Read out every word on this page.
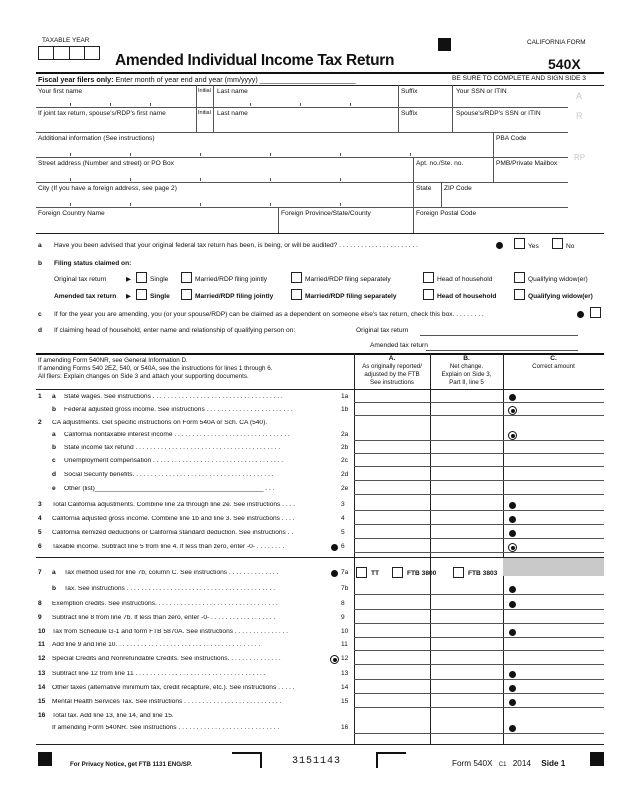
TAXABLE YEAR
Amended Individual Income Tax Return
CALIFORNIA FORM
540X
Fiscal year filers only: Enter month of year end and year (mm/yyyy) ________________________	BE SURE TO COMPLETE AND SIGN SIDE 3
Your first name	Initial Last name	Suffix	Your SSN or ITIN	A
If joint tax return, spouse's/RDP's first name	Initial Last name	Suffix	Spouse's/RDP's SSN or ITIN	R
Additional information (See instructions)	PBA Code
Street address (Number and street) or PO Box	Apt. no./Ste. no.	PMB/Private Mailbox
RP
City (If you have a foreign address, see page 2)	State ZIP Code
Foreign Country Name	Foreign Province/State/County	Foreign Postal Code
a Have you been advised that your original federal tax return has been, is being, or will be audited? . . . . . . . . . . . . . . . . . . . . . .	Yes	No
b Filing status claimed on:
Original tax return	▶	Single	Married/RDP filing jointly	Married/RDP filing separately	Head of household	Qualifying widow(er)
Amended tax return ▶	Single	Married/RDP filing jointly	Married/RDP filing separately	Head of household	Qualifying widow(er)
c If for the year you are amending, you (or your spouse/RDP) can be claimed as a dependent on someone else's tax return, check this box. . . . . . . . .
d If claiming head of household, enter name and relationship of qualifying person on:	Original tax return
Amended tax return
If amending Form 540NR, see General Information D.
If amending Forms 540 2EZ, 540, or 540A, see the instructions for lines 1 through 6.
All filers: Explain changes on Side 3 and attach your supporting documents.
A.
As originally reported/
adjusted by the FTB
See instructions
B.
Net change.
Explain on Side 3,
Part II, line 5
C.
Correct amount
1 a State wages. See instructions . . . . . . . . . . . . . . . . . . . . . . . . . . . . . . . . . . . .	1a
b Federal adjusted gross income. See instructions . . . . . . . . . . . . . . . . . . . . . . . .	1b
2 CA adjustments. Get specific instructions on Form 540A or Sch. CA (540).
a California nontaxable interest income . . . . . . . . . . . . . . . . . . . . . . . . . . . . . . . .	2a
b State income tax refund . . . . . . . . . . . . . . . . . . . . . . . . . . . . . . . . . . . . . . . .	2b
c Unemployment compensation . . . . . . . . . . . . . . . . . . . . . . . . . . . . . . . . . . . .	2c
d Social Security benefits. . . . . . . . . . . . . . . . . . . . . . . . . . . . . . . . . . . . . . .	2d
e Other (list)______________________________________________ . . .	2e
3 Total California adjustments. Combine line 2a through line 2e. See instructions . . . .	3
4 California adjusted gross income. Combine line 1b and line 3. See instructions . . . .	4
5 California itemized deductions or California standard deduction. See instructions . .	5
6 Taxable income. Subtract line 5 from line 4. If less than zero, enter -0- . . . . . . . .	6
7 a Tax method used for line 7b, column C. See instructions . . . . . . . . . . . . . .	7a
b Tax. See instructions . . . . . . . . . . . . . . . . . . . . . . . . . . . . . . . . . . . . . . . . .	7b
8 Exemption credits. See instructions. . . . . . . . . . . . . . . . . . . . . . . . . . . . . . . . . .	8
9 Subtract line 8 from line 7b. If less than zero, enter -0- . . . . . . . . . . . . . . . . . .	9
10 Tax from Schedule G-1 and form FTB 5870A. See instructions . . . . . . . . . . . . . . .	10
11 Add line 9 and line 10. . . . . . . . . . . . . . . . . . . . . . . . . . . . . . . . . . . . . . . .	11
12 Special Credits and Nonrefundable Credits. See instructions. . . . . . . . . . . . . . .	12
13 Subtract line 12 from line 11 . . . . . . . . . . . . . . . . . . . . . . . . . . . . . . . . . . . .	13
14 Other taxes (alternative minimum tax, credit recapture, etc.). See instructions . . . . .	14
15 Mental Health Services Tax. See instructions . . . . . . . . . . . . . . . . . . . . . . . . . . .	15
16 Total tax. Add line 13, line 14, and line 15.
If amending Form 540NR. See instructions . . . . . . . . . . . . . . . . . . . . . . . . . . . .	16
TT	FTB 3800	FTB 3803
For Privacy Notice, get FTB 1131 ENG/SP.	3151143	Form 540X C1 2014 Side 1
